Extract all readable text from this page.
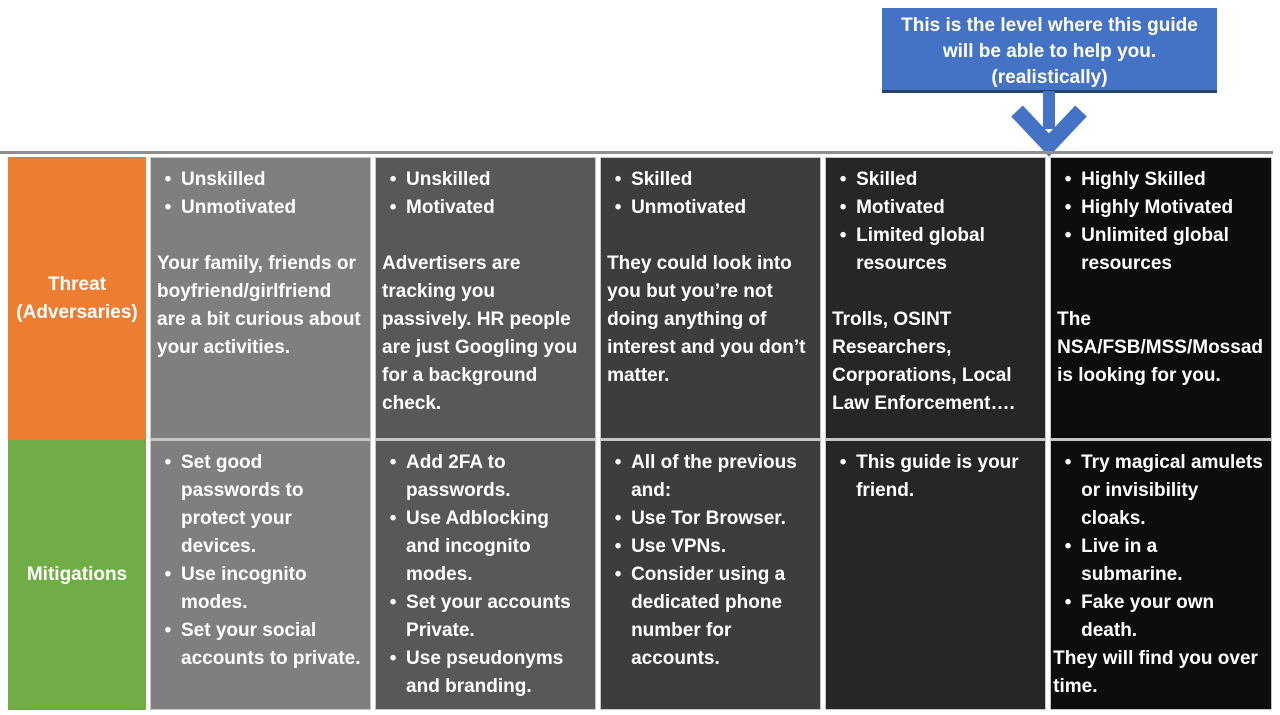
This is the level where this guide will be able to help you.
(realistically)
Threat (Adversaries)
Mitigations
• Unskilled
• Unmotivated

Your family, friends or boyfriend/girlfriend are a bit curious about your activities.

• Set good passwords to protect your devices.
• Use incognito modes.
• Set your social accounts to private.
• Unskilled
• Motivated

Advertisers are tracking you passively. HR people are just Googling you for a background check.

• Add 2FA to passwords.
• Use Adblocking and incognito modes.
• Set your accounts Private.
• Use pseudonyms and branding.
• Skilled
• Unmotivated

They could look into you but you’re not doing anything of interest and you don’t matter.

• All of the previous and:
• Use Tor Browser.
• Use VPNs.
• Consider using a dedicated phone number for accounts.
• Skilled
• Motivated
• Limited global resources

Trolls, OSINT Researchers, Corporations, Local Law Enforcement….

• This guide is your friend.
• Highly Skilled
• Highly Motivated
• Unlimited global resources

The NSA/FSB/MSS/Mossad is looking for you.

• Try magical amulets or invisibility cloaks.
• Live in a submarine.
• Fake your own death.

They will find you over time.
